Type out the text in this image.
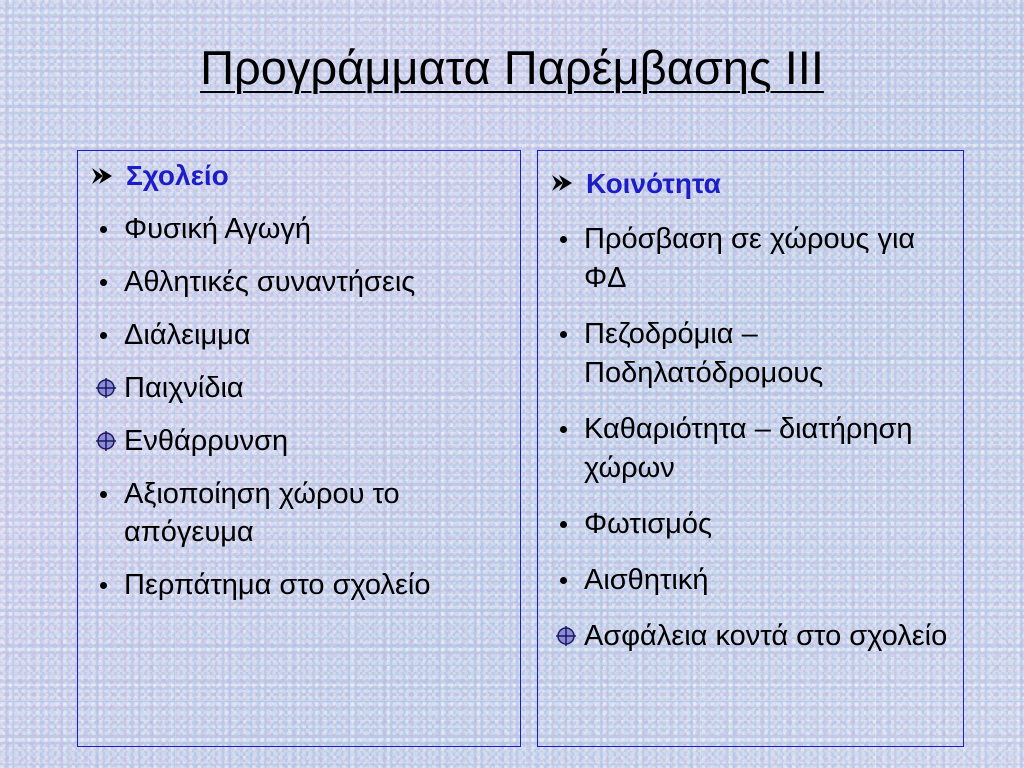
Προγράμματα Παρέμβασης ΙΙΙ
Σχολείο
Φυσική Αγωγή
Αθλητικές συναντήσεις
Διάλειμμα
Παιχνίδια
Ενθάρρυνση
Αξιοποίηση χώρου το απόγευμα
Περπάτημα στο σχολείο
Κοινότητα
Πρόσβαση σε χώρους για ΦΔ
Πεζοδρόμια – Ποδηλατόδρομους
Καθαριότητα – διατήρηση χώρων
Φωτισμός
Αισθητική
Ασφάλεια κοντά στο σχολείο
